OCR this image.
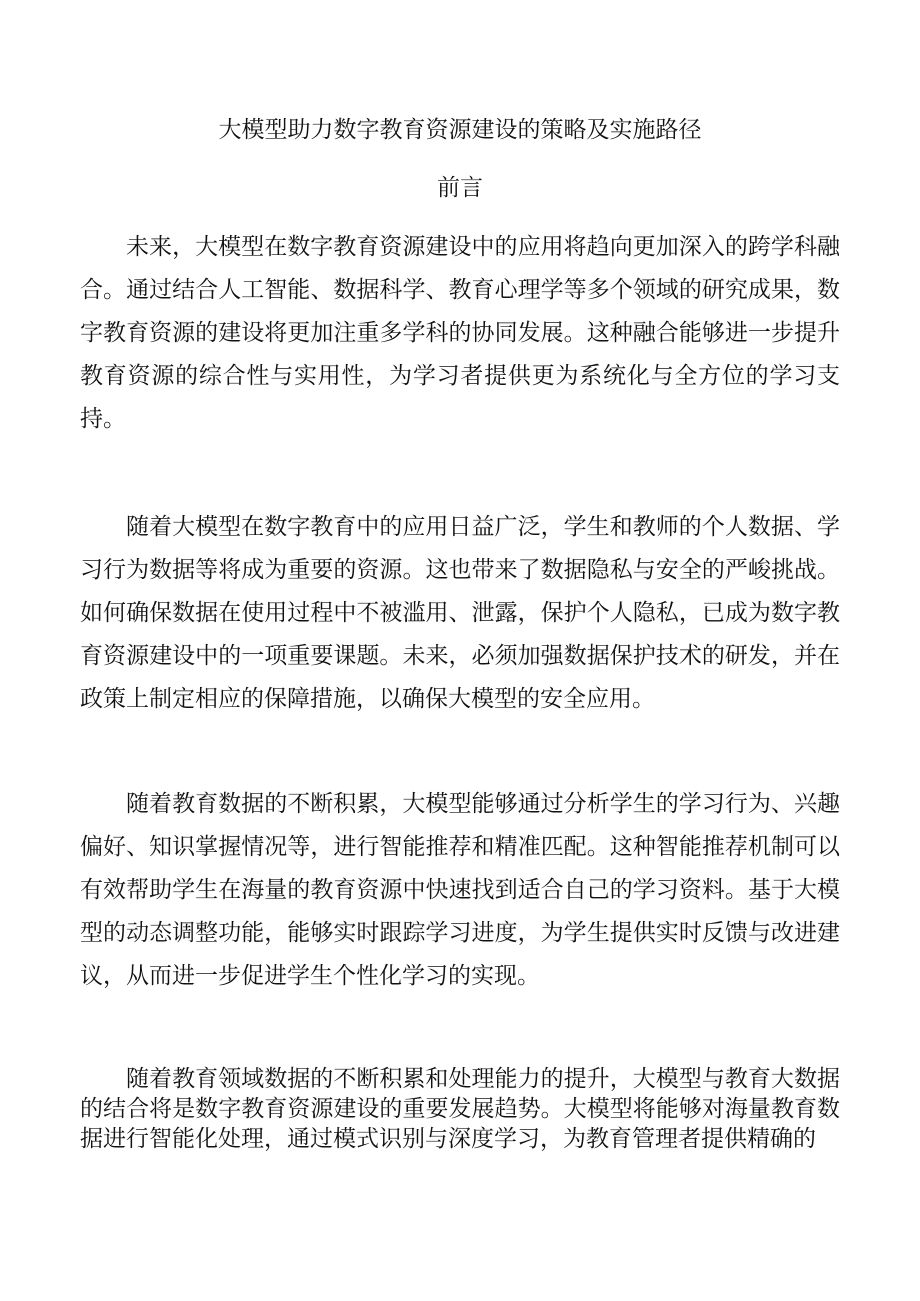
大模型助力数字教育资源建设的策略及实施路径
前言

未来，大模型在数字教育资源建设中的应用将趋向更加深入的跨学科融合。通过结合人工智能、数据科学、教育心理学等多个领域的研究成果，数字教育资源的建设将更加注重多学科的协同发展。这种融合能够进一步提升教育资源的综合性与实用性，为学习者提供更为系统化与全方位的学习支持。

随着大模型在数字教育中的应用日益广泛，学生和教师的个人数据、学习行为数据等将成为重要的资源。这也带来了数据隐私与安全的严峻挑战。如何确保数据在使用过程中不被滥用、泄露，保护个人隐私，已成为数字教育资源建设中的一项重要课题。未来，必须加强数据保护技术的研发，并在政策上制定相应的保障措施，以确保大模型的安全应用。

随着教育数据的不断积累，大模型能够通过分析学生的学习行为、兴趣偏好、知识掌握情况等，进行智能推荐和精准匹配。这种智能推荐机制可以有效帮助学生在海量的教育资源中快速找到适合自己的学习资料。基于大模型的动态调整功能，能够实时跟踪学习进度，为学生提供实时反馈与改进建议，从而进一步促进学生个性化学习的实现。

随着教育领域数据的不断积累和处理能力的提升，大模型与教育大数据的结合将是数字教育资源建设的重要发展趋势。大模型将能够对海量教育数据进行智能化处理，通过模式识别与深度学习，为教育管理者提供精确的
